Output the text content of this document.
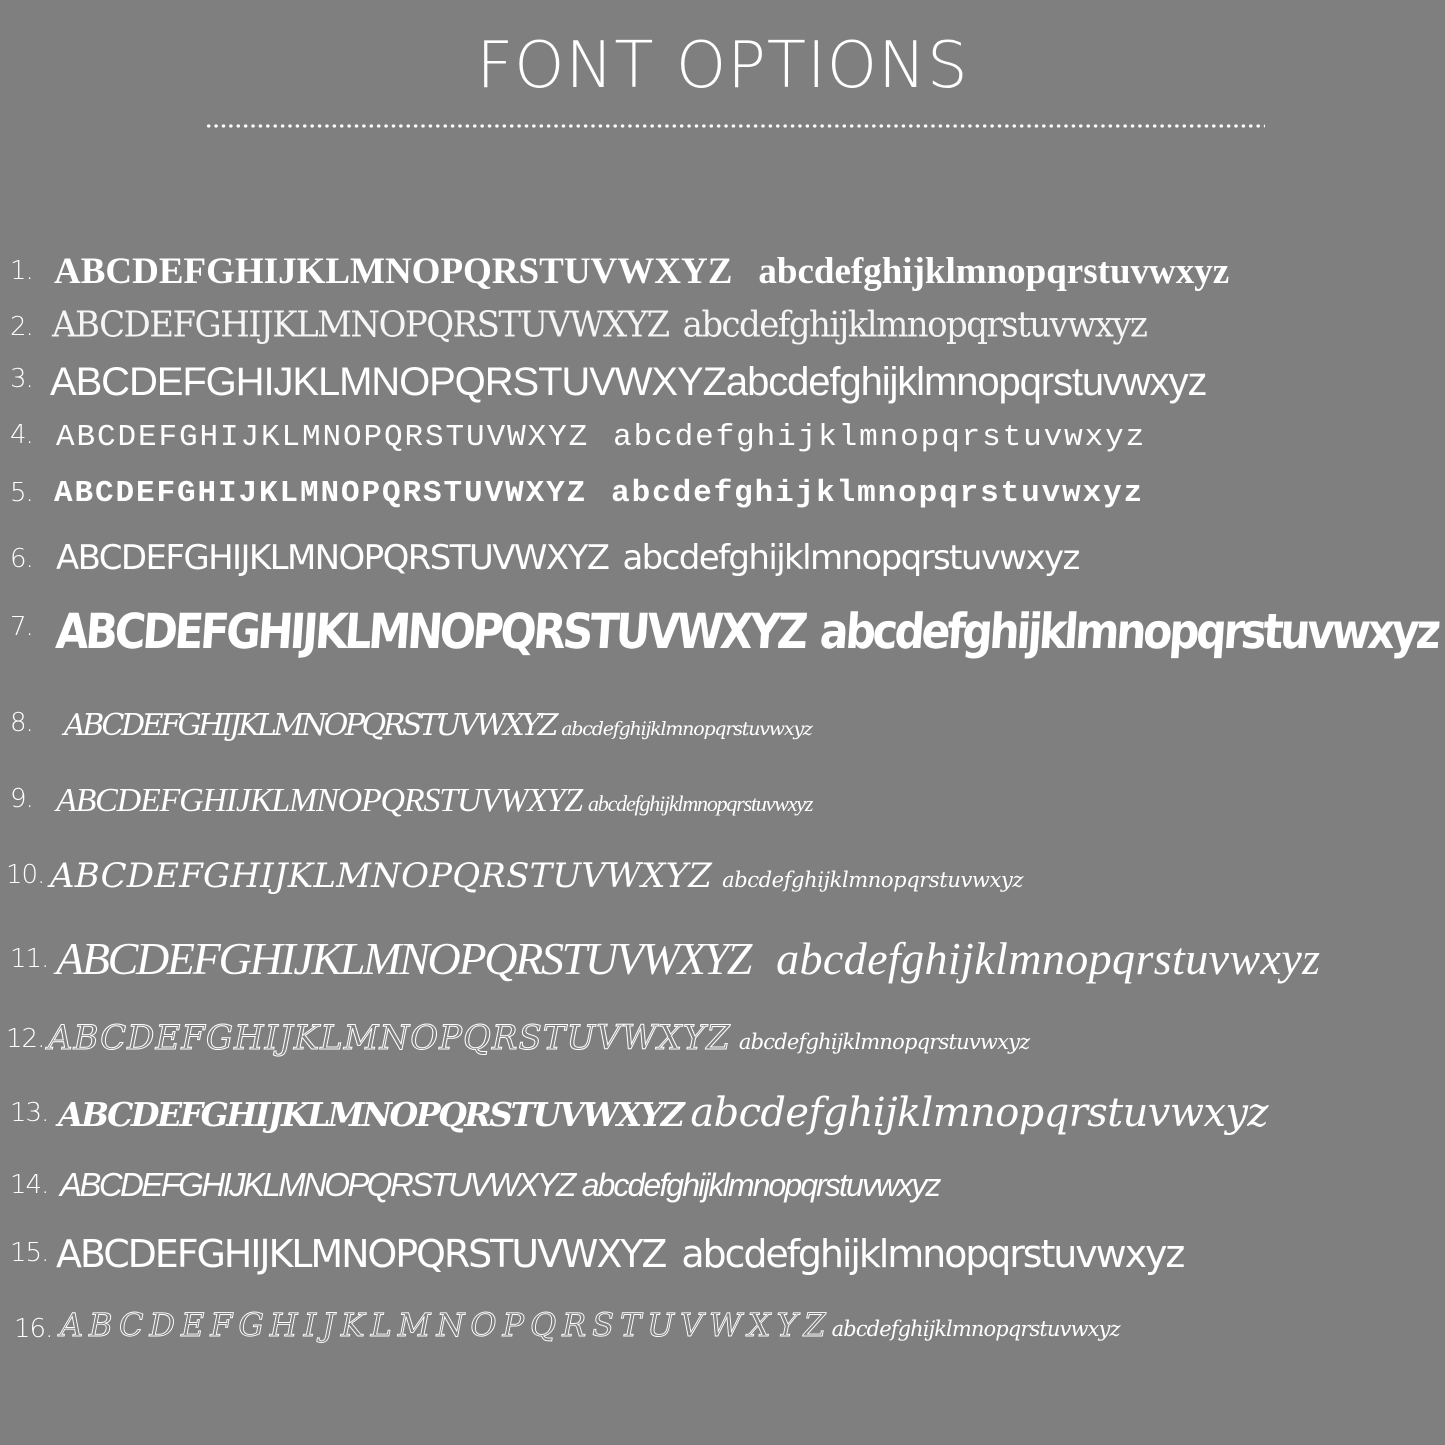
FONT OPTIONS
1. ABCDEFGHIJKLMNOPQRSTUVWXYZ abcdefghijklmnopqrstuvwxyz
2. ABCDEFGHIJKLMNOPQRSTUVWXYZ abcdefghijklmnopqrstuvwxyz
3. ABCDEFGHIJKLMNOPQRSTUVWXYZabcdefghijklmnopqrstuvwxyz
4. ABCDEFGHIJKLMNOPQRSTUVWXYZ abcdefghijklmnopqrstuvwxyz
5. ABCDEFGHIJKLMNOPQRSTUVWXYZ abcdefghijklmnopqrstuvwxyz
6. ABCDEFGHIJKLMNOPQRSTUVWXYZ abcdefghijklmnopqrstuvwxyz
7. ABCDEFGHIJKLMNOPQRSTUVWXYZ abcdefghijklmnopqrstuvwxyz
8. ABCDEFGHIJKLMNOPQRSTUVWXYZ abcdefghijklmnopqrstuvwxyz
9. ABCDEFGHIJKLMNOPQRSTUVWXYZ abcdefghijklmnopqrstuvwxyz
10. ABCDEFGHIJKLMNOPQRSTUVWXYZ abcdefghijklmnopqrstuvwxyz
11. ABCDEFGHIJKLMNOPQRSTUVWXYZ abcdefghijklmnopqrstuvwxyz
12. ABCDEFGHIJKLMNOPQRSTUVWXYZ abcdefghijklmnopqrstuvwxyz
13. ABCDEFGHIJKLMNOPQRSTUVWXYZ abcdefghijklmnopqrstuvwxyz
14. ABCDEFGHIJKLMNOPQRSTUVWXYZ abcdefghijklmnopqrstuvwxyz
15. ABCDEFGHIJKLMNOPQRSTUVWXYZ abcdefghijklmnopqrstuvwxyz
16. ABCDEFGHIJKLMNOPQRSTUVWXYZabcdefghijklmnopqrstuvwxyz
